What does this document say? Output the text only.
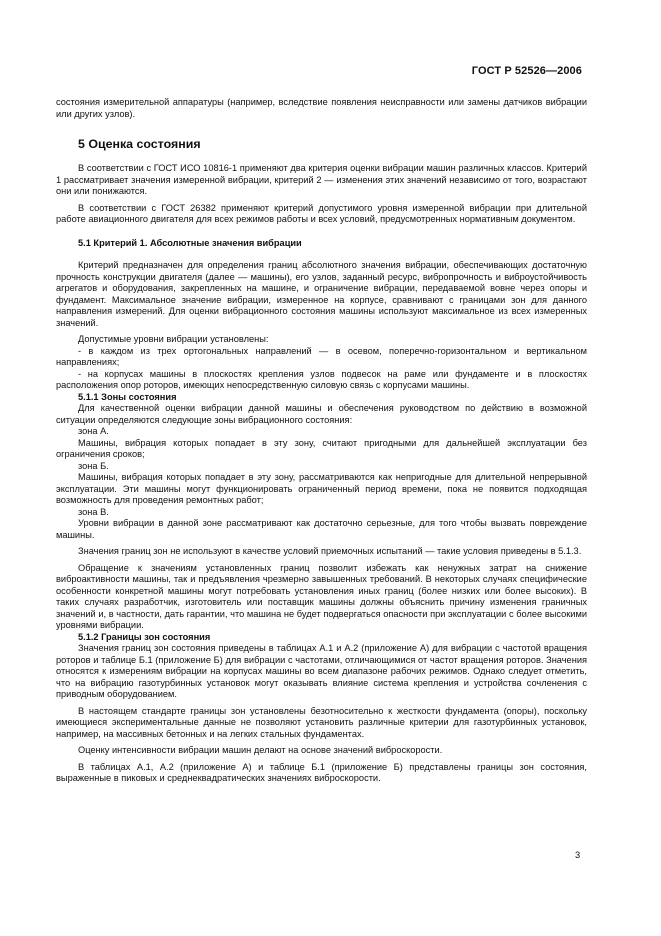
ГОСТ Р 52526—2006

состояния измерительной аппаратуры (например, вследствие появления неисправности или замены датчиков вибрации или других узлов).

5 Оценка состояния

В соответствии с ГОСТ ИСО 10816-1 применяют два критерия оценки вибрации машин различных классов. Критерий 1 рассматривает значения измеренной вибрации, критерий 2 — изменения этих значений независимо от того, возрастают они или понижаются.

В соответствии с ГОСТ 26382 применяют критерий допустимого уровня измеренной вибрации при длительной работе авиационного двигателя для всех режимов работы и всех условий, предусмотренных нормативным документом.

5.1 Критерий 1. Абсолютные значения вибрации

Критерий предназначен для определения границ абсолютного значения вибрации, обеспечивающих достаточную прочность конструкции двигателя (далее — машины), его узлов, заданный ресурс, вибропрочность и виброустойчивость агрегатов и оборудования, закрепленных на машине, и ограничение вибрации, передаваемой вовне через опоры и фундамент. Максимальное значение вибрации, измеренное на корпусе, сравнивают с границами зон для данного направления измерений. Для оценки вибрационного состояния машины используют максимальное из всех измеренных значений.

Допустимые уровни вибрации установлены:

- в каждом из трех ортогональных направлений — в осевом, поперечно-горизонтальном и вертикальном направлениях;

- на корпусах машины в плоскостях крепления узлов подвесок на раме или фундаменте и в плоскостях расположения опор роторов, имеющих непосредственную силовую связь с корпусами машины.

5.1.1 Зоны состояния

Для качественной оценки вибрации данной машины и обеспечения руководством по действию в возможной ситуации определяются следующие зоны вибрационного состояния:

зона А.

Машины, вибрация которых попадает в эту зону, считают пригодными для дальнейшей эксплуатации без ограничения сроков;

зона Б.

Машины, вибрация которых попадает в эту зону, рассматриваются как непригодные для длительной непрерывной эксплуатации. Эти машины могут функционировать ограниченный период времени, пока не появится подходящая возможность для проведения ремонтных работ;

зона В.

Уровни вибрации в данной зоне рассматривают как достаточно серьезные, для того чтобы вызвать повреждение машины.

Значения границ зон не используют в качестве условий приемочных испытаний — такие условия приведены в 5.1.3.

Обращение к значениям установленных границ позволит избежать как ненужных затрат на снижение виброактивности машины, так и предъявления чрезмерно завышенных требований. В некоторых случаях специфические особенности конкретной машины могут потребовать установления иных границ (более низких или более высоких). В таких случаях разработчик, изготовитель или поставщик машины должны объяснить причину изменения граничных значений и, в частности, дать гарантии, что машина не будет подвергаться опасности при эксплуатации с более высокими уровнями вибрации.

5.1.2 Границы зон состояния

Значения границ зон состояния приведены в таблицах А.1 и А.2 (приложение А) для вибрации с частотой вращения роторов и таблице Б.1 (приложение Б) для вибрации с частотами, отличающимися от частот вращения роторов. Значения относятся к измерениям вибрации на корпусах машины во всем диапазоне рабочих режимов. Однако следует отметить, что на вибрацию газотурбинных установок могут оказывать влияние система крепления и устройства сочленения с приводным оборудованием.

В настоящем стандарте границы зон установлены безотносительно к жесткости фундамента (опоры), поскольку имеющиеся экспериментальные данные не позволяют установить различные критерии для газотурбинных установок, например, на массивных бетонных и на легких стальных фундаментах.

Оценку интенсивности вибрации машин делают на основе значений виброскорости.

В таблицах А.1, А.2 (приложение А) и таблице Б.1 (приложение Б) представлены границы зон состояния, выраженные в пиковых и среднеквадратических значениях виброскорости.

3
